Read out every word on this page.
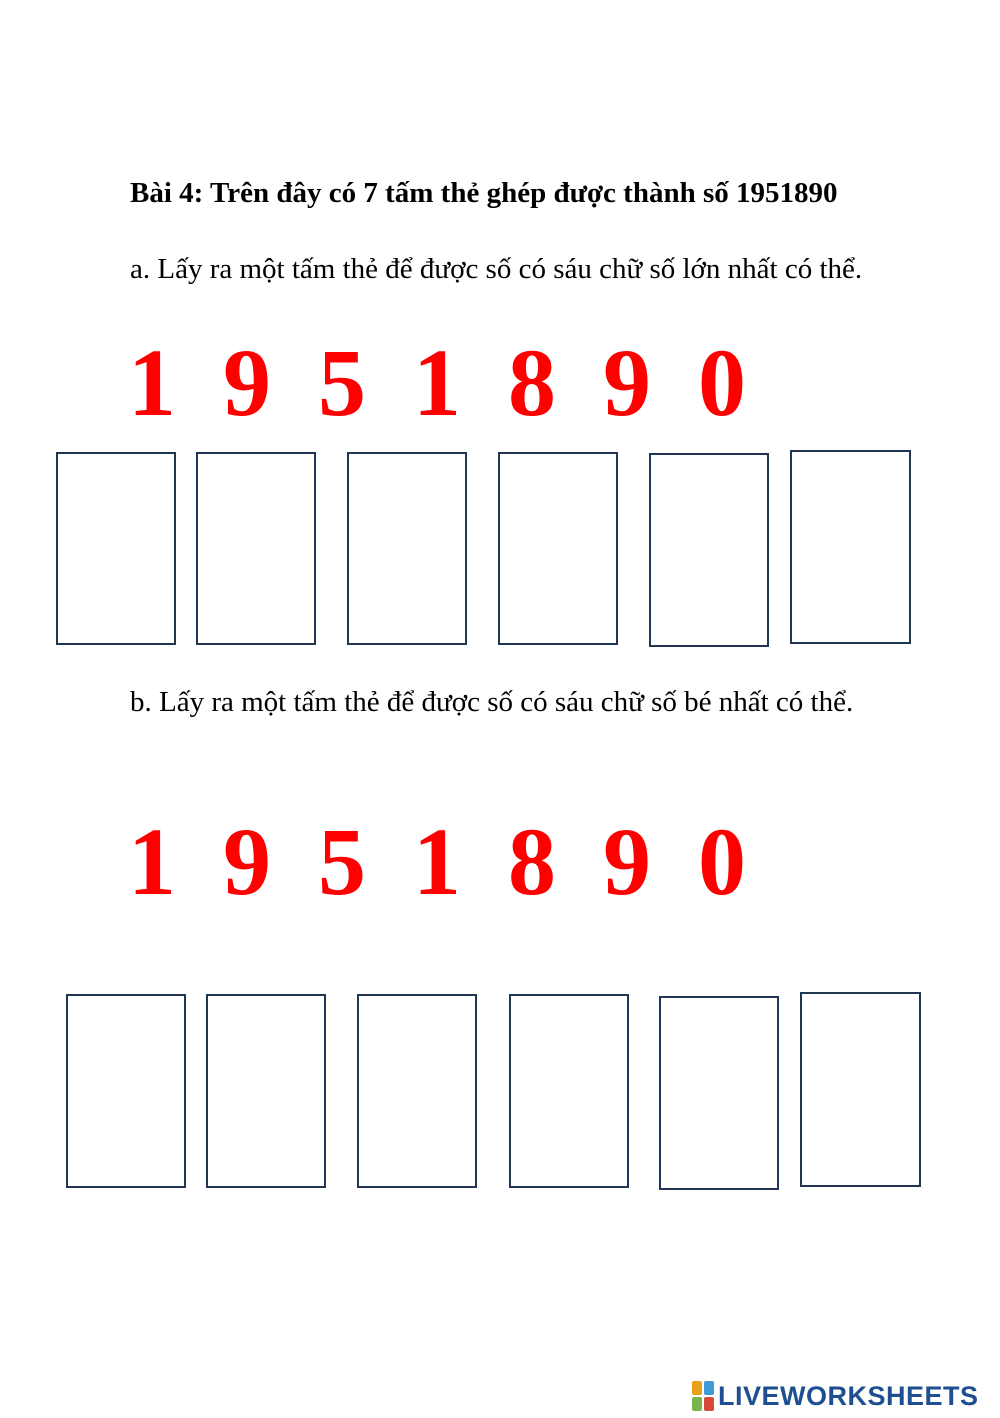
Bài 4: Trên đây có 7 tấm thẻ ghép được thành số 1951890
a. Lấy ra một tấm thẻ để được số có sáu chữ số lớn nhất có thể.
1 9 5 1 8 9 0
b. Lấy ra một tấm thẻ để được số có sáu chữ số bé nhất có thể.
1 9 5 1 8 9 0
LIVEWORKSHEETS
